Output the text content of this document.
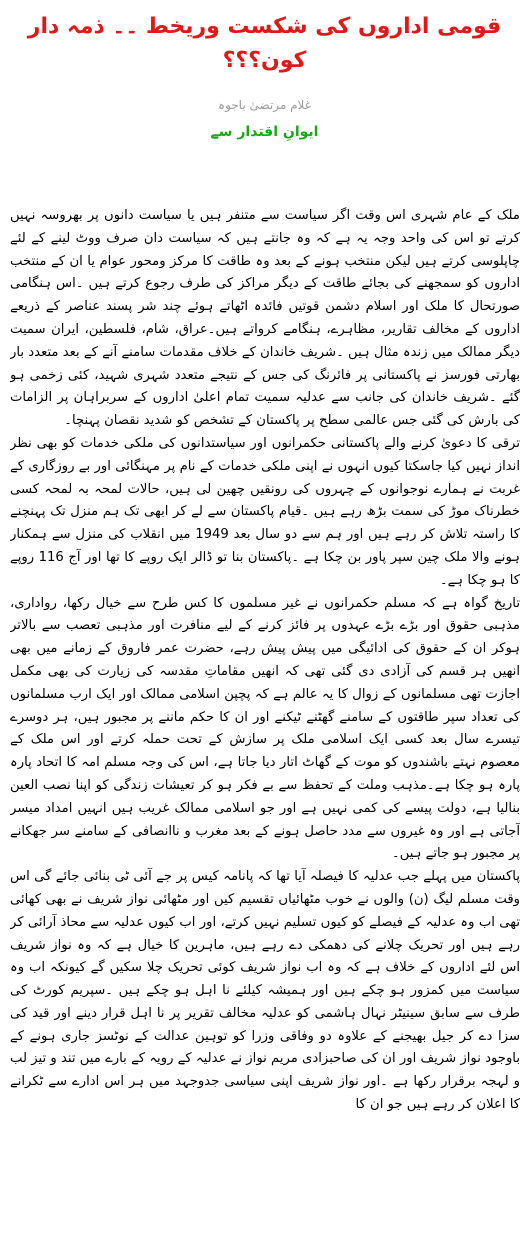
قومی اداروں کی شکست وریخط ۔۔ ذمہ دار کون؟؟؟
غلام مرتضیٰ باجوہ
ایوانِ اقتدار سے

ملک کے عام شہری اس وقت اگر سیاست سے متنفر ہیں یا سیاست دانوں پر بھروسہ نہیں کرتے تو اس کی واحد وجہ یہ ہے کہ وہ جانتے ہیں کہ سیاست دان صرف ووٹ لینے کے لئے چاپلوسی کرتے ہیں لیکن منتخب ہونے کے بعد وہ طاقت کا مرکز ومحور عوام یا ان کے منتخب اداروں کو سمجھنے کی بجائے طاقت کے دیگر مراکز کی طرف رجوع کرتے ہیں ۔اس ہنگامی صورتحال کا ملک اور اسلام دشمن قوتیں فائدہ اٹھاتے ہوئے چند شر پسند عناصر کے ذریعے اداروں کے مخالف تقاریر، مظاہرے، ہنگامے کرواتے ہیں۔عراق، شام، فلسطین، ایران سمیت دیگر ممالک میں زندہ مثال ہیں ۔شریف خاندان کے خلاف مقدمات سامنے آنے کے بعد متعدد بار بھارتی فورسز نے پاکستانی پر فائرنگ کی جس کے نتیجے متعدد شہری شہید، کئی زخمی ہو گئے ۔شریف خاندان کی جانب سے عدلیہ سمیت تمام اعلیٰ اداروں کے سربراہان پر الزامات کی بارش کی گئی جس عالمی سطح پر پاکستان کے تشخص کو شدید نقصان پہنچا۔

ترقی کا دعویٰ کرنے والے پاکستانی حکمرانوں اور سیاستدانوں کی ملکی خدمات کو بھی نظر انداز نہیں کیا جاسکتا کیوں انہوں نے اپنی ملکی خدمات کے نام پر مہنگائی اور بے روزگاری کے غربت نے ہمارے نوجوانوں کے چہروں کی رونقیں چھین لی ہیں، حالات لمحہ بہ لمحہ کسی خطرناک موڑ کی سمت بڑھ رہے ہیں ۔قیام پاکستان سے لے کر ابھی تک ہم منزل تک پہنچنے کا راستہ تلاش کر رہے ہیں اور ہم سے دو سال بعد 1949 میں انقلاب کی منزل سے ہمکنار ہونے والا ملک چین سپر پاور بن چکا ہے ۔پاکستان بنا تو ڈالر ایک روپے کا تھا اور آج 116 روپے کا ہو چکا ہے۔

تاریخ گواہ ہے کہ مسلم حکمرانوں نے غیر مسلموں کا کس طرح سے خیال رکھا، رواداری، مذہبی حقوق اور بڑے بڑے عہدوں پر فائز کرنے کے لیے منافرت اور مذہبی تعصب سے بالاتر ہوکر ان کے حقوق کی ادائیگی میں پیش پیش رہے، حضرت عمر فاروق کے زمانے میں بھی انھیں ہر قسم کی آزادی دی گئی تھی کہ انھیں مقاماتِ مقدسہ کی زیارت کی بھی مکمل اجازت تھی مسلمانوں کے زوال کا یہ عالم ہے کہ پچپن اسلامی ممالک اور ایک ارب مسلمانوں کی تعداد سپر طاقتوں کے سامنے گھٹنے ٹیکنے اور ان کا حکم ماننے پر مجبور ہیں، ہر دوسرے تیسرے سال بعد کسی ایک اسلامی ملک پر سازش کے تحت حملہ کرتے اور اس ملک کے معصوم نہتے باشندوں کو موت کے گھاٹ اتار دیا جاتا ہے، اس کی وجہ مسلم امہ کا اتحاد پارہ پارہ ہو چکا ہے۔مذہب وملت کے تحفظ سے بے فکر ہو کر تعیشات زندگی کو اپنا نصب العین بنالیا ہے، دولت پیسے کی کمی نہیں ہے اور جو اسلامی ممالک غریب ہیں انہیں امداد میسر آجاتی ہے اور وہ غیروں سے مدد حاصل ہونے کے بعد مغرب و ناانصافی کے سامنے سر جھکانے پر مجبور ہو جاتے ہیں۔

پاکستان میں پہلے جب عدلیہ کا فیصلہ آیا تھا کہ پانامہ کیس پر جے آئی ٹی بنائی جائے گی اس وقت مسلم لیگ (ن) والوں نے خوب مٹھائیاں تقسیم کیں اور مٹھائی نواز شریف نے بھی کھائی تھی اب وہ عدلیہ کے فیصلے کو کیوں تسلیم نہیں کرتے، اور اب کیوں عدلیہ سے محاذ آرائی کر رہے ہیں اور تحریک چلانے کی دھمکی دے رہے ہیں، ماہرین کا خیال ہے کہ وہ نواز شریف اس لئے اداروں کے خلاف ہے کہ وہ اب نواز شریف کوئی تحریک چلا سکیں گے کیونکہ اب وہ سیاست میں کمزور ہو چکے ہیں اور ہمیشہ کیلئے نا اہل ہو چکے ہیں ۔سپریم کورٹ کی طرف سے سابق سینیٹر نہال ہاشمی کو عدلیہ مخالف تقریر پر نا اہل قرار دینے اور قید کی سزا دے کر جیل بھیجنے کے علاوہ دو وفاقی وزرا کو توہین عدالت کے نوٹسز جاری ہونے کے باوجود نواز شریف اور ان کی صاحبزادی مریم نواز نے عدلیہ کے رویہ کے بارے میں تند و تیز لب و لہجہ برقرار رکھا ہے ۔اور نواز شریف اپنی سیاسی جدوجہد میں ہر اس ادارے سے ٹکرانے کا اعلان کر رہے ہیں جو ان کا
